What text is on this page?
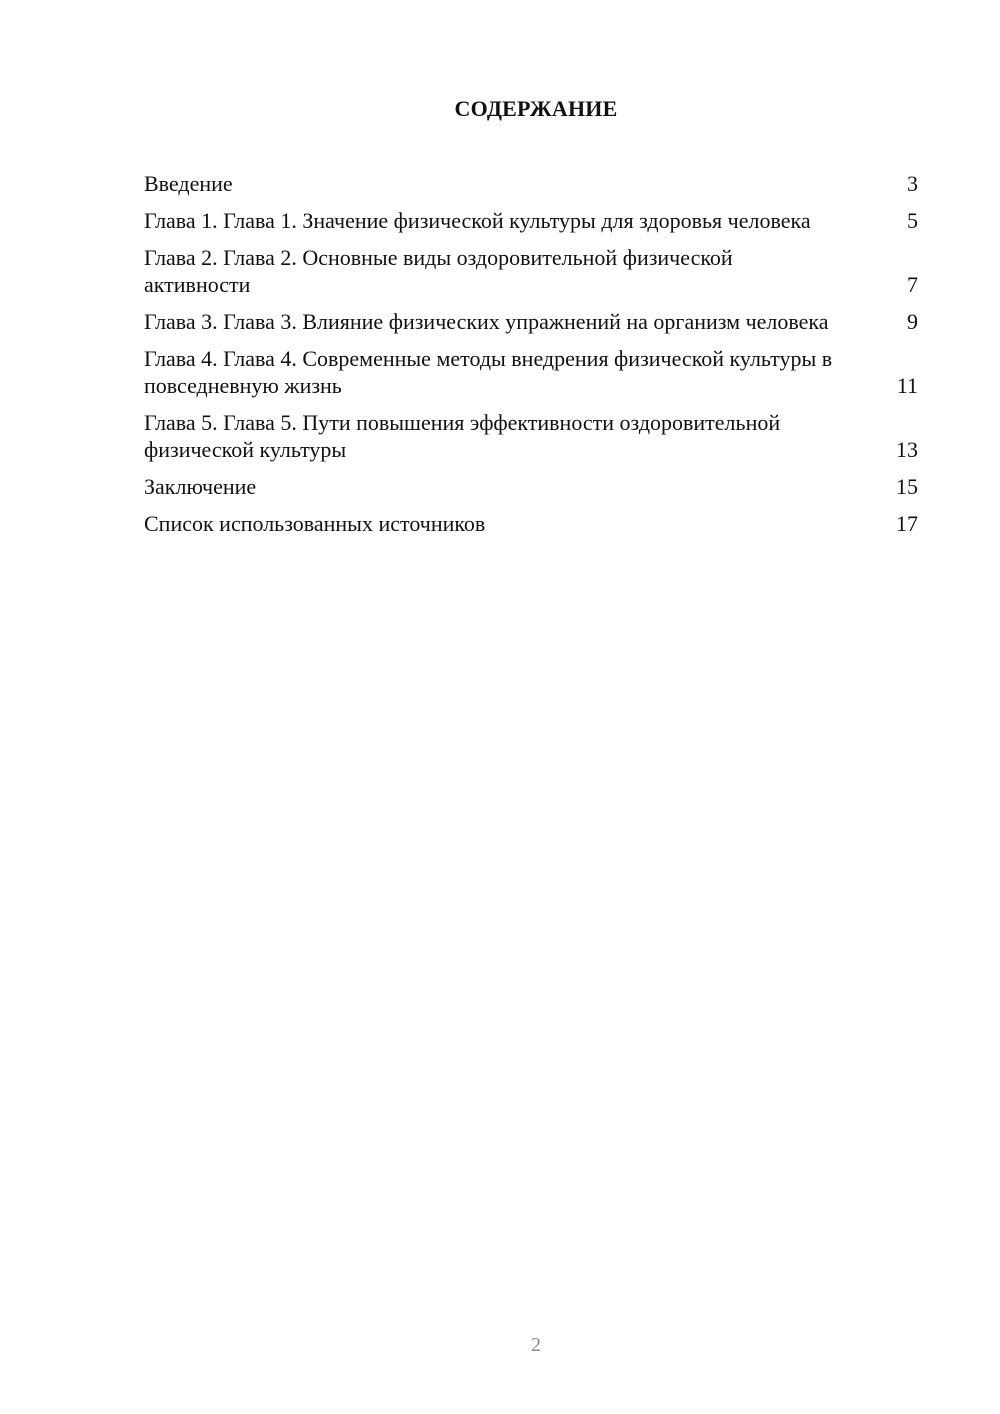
СОДЕРЖАНИЕ
Введение	3
Глава 1. Глава 1. Значение физической культуры для здоровья человека	5
Глава 2. Глава 2. Основные виды оздоровительной физической активности	7
Глава 3. Глава 3. Влияние физических упражнений на организм человека	9
Глава 4. Глава 4. Современные методы внедрения физической культуры в повседневную жизнь	11
Глава 5. Глава 5. Пути повышения эффективности оздоровительной физической культуры	13
Заключение	15
Список использованных источников	17
2
